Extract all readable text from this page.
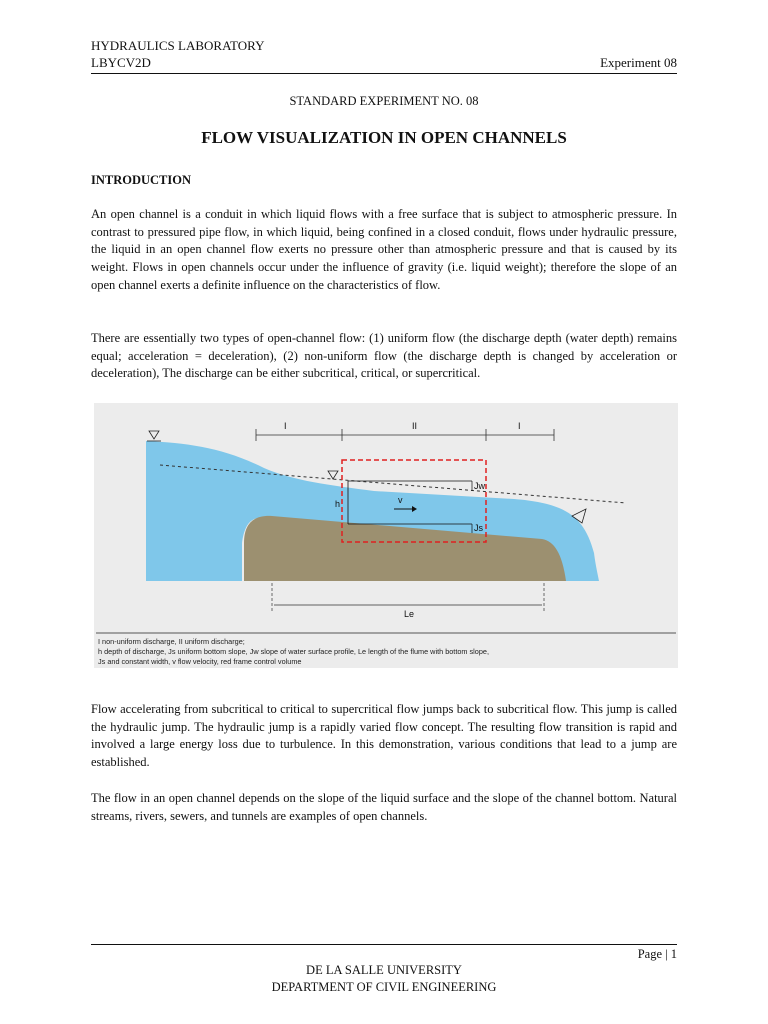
HYDRAULICS LABORATORY
LBYCV2D	Experiment 08
STANDARD EXPERIMENT NO. 08
FLOW VISUALIZATION IN OPEN CHANNELS
INTRODUCTION

An open channel is a conduit in which liquid flows with a free surface that is subject to atmospheric pressure. In contrast to pressured pipe flow, in which liquid, being confined in a closed conduit, flows under hydraulic pressure, the liquid in an open channel flow exerts no pressure other than atmospheric pressure and that is caused by its weight. Flows in open channels occur under the influence of gravity (i.e. liquid weight); therefore the slope of an open channel exerts a definite influence on the characteristics of flow.

There are essentially two types of open-channel flow: (1) uniform flow (the discharge depth (water depth) remains equal; acceleration = deceleration), (2) non-uniform flow (the discharge depth is changed by acceleration or deceleration), The discharge can be either subcritical, critical, or supercritical.

I	II	I
h	v
Jw
Js
Le
I non-uniform discharge, II uniform discharge;
h depth of discharge, Js uniform bottom slope, Jw slope of water surface profile, Le length of the flume with bottom slope,
Js and constant width, v flow velocity, red frame control volume

Flow accelerating from subcritical to critical to supercritical flow jumps back to subcritical flow. This jump is called the hydraulic jump. The hydraulic jump is a rapidly varied flow concept. The resulting flow transition is rapid and involved a large energy loss due to turbulence. In this demonstration, various conditions that lead to a jump are established.

The flow in an open channel depends on the slope of the liquid surface and the slope of the channel bottom. Natural streams, rivers, sewers, and tunnels are examples of open channels.

Page | 1
DE LA SALLE UNIVERSITY
DEPARTMENT OF CIVIL ENGINEERING
